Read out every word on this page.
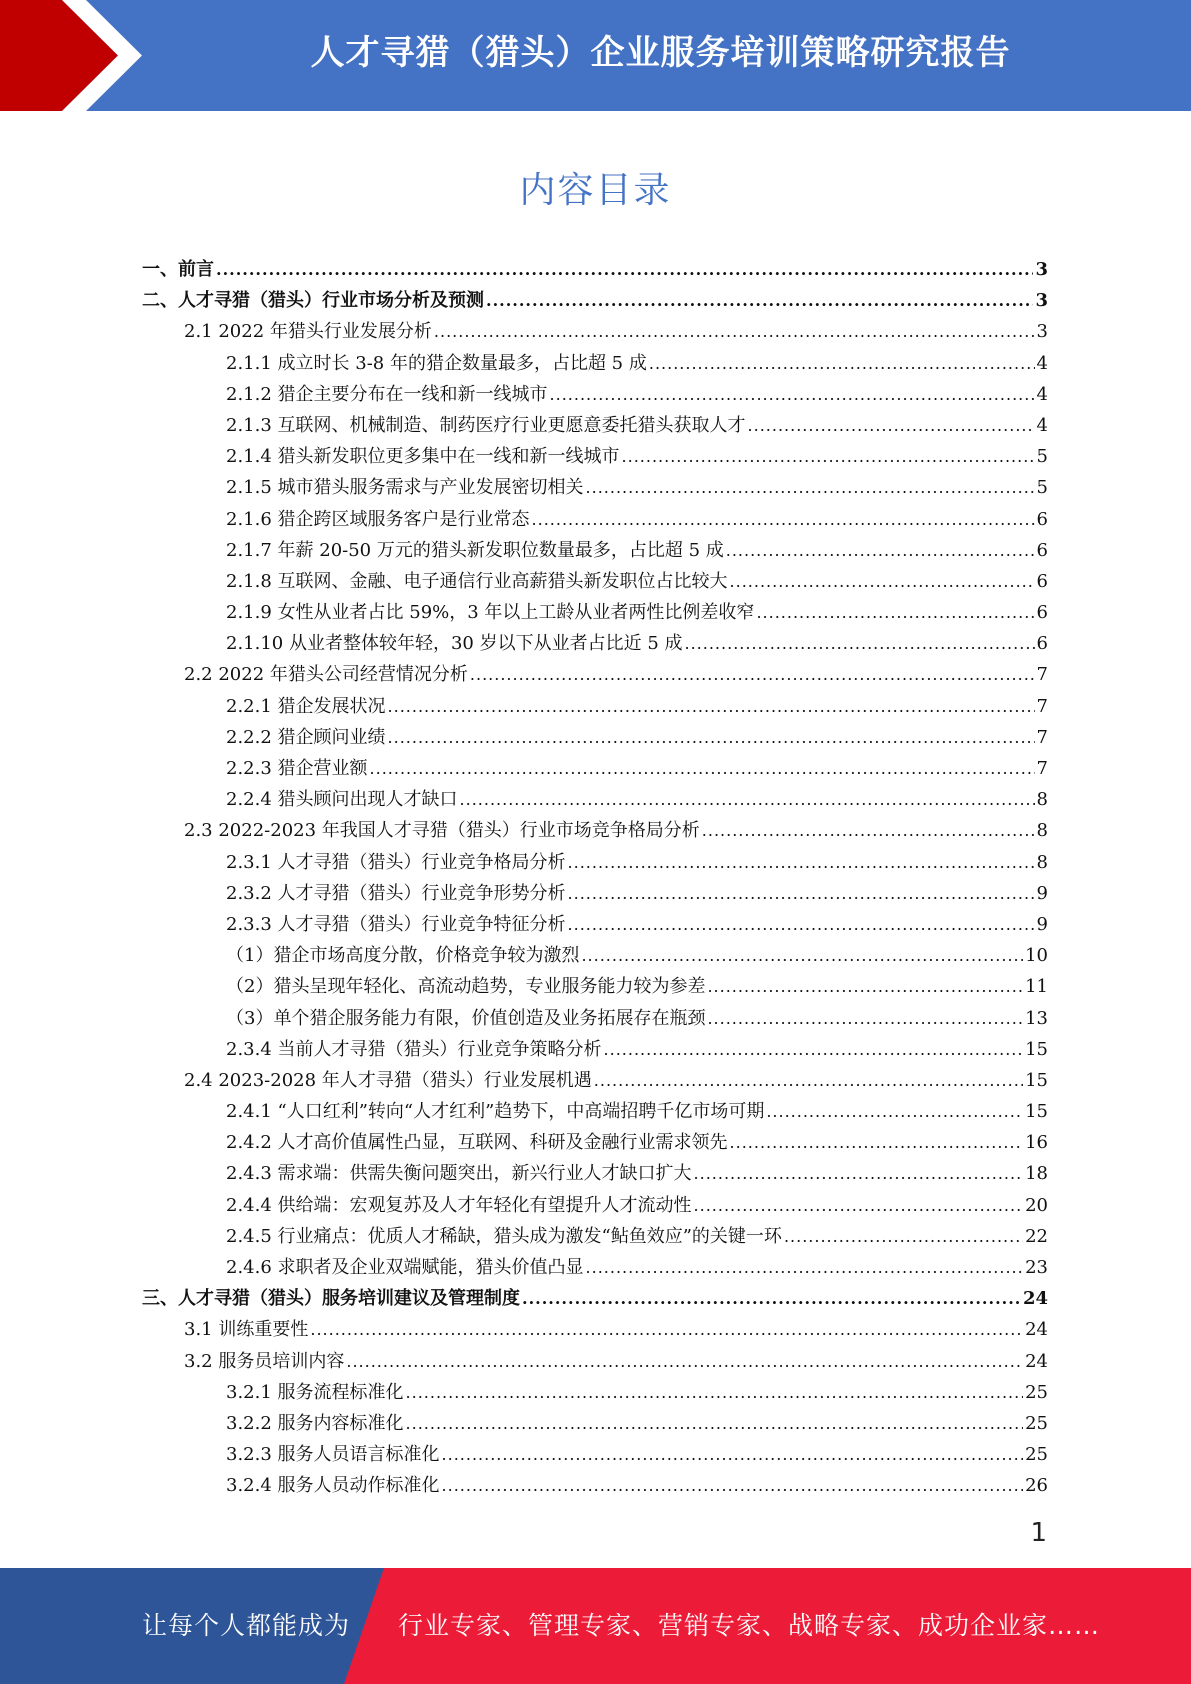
人才寻猎（猎头）企业服务培训策略研究报告
内容目录
一、前言 .....	3
二、人才寻猎（猎头）行业市场分析及预测 .....	3
2.1 2022 年猎头行业发展分析 .....	3
2.1.1 成立时长 3-8 年的猎企数量最多，占比超 5 成 .....	4
2.1.2 猎企主要分布在一线和新一线城市 .....	4
2.1.3 互联网、机械制造、制药医疗行业更愿意委托猎头获取人才 .....	4
2.1.4 猎头新发职位更多集中在一线和新一线城市 .....	5
2.1.5 城市猎头服务需求与产业发展密切相关 .....	5
2.1.6 猎企跨区域服务客户是行业常态 .....	6
2.1.7 年薪 20-50 万元的猎头新发职位数量最多，占比超 5 成 .....	6
2.1.8 互联网、金融、电子通信行业高薪猎头新发职位占比较大 .....	6
2.1.9 女性从业者占比 59%，3 年以上工龄从业者两性比例差收窄 .....	6
2.1.10 从业者整体较年轻，30 岁以下从业者占比近 5 成 .....	6
2.2 2022 年猎头公司经营情况分析 .....	7
2.2.1 猎企发展状况 .....	7
2.2.2 猎企顾问业绩 .....	7
2.2.3 猎企营业额 .....	7
2.2.4 猎头顾问出现人才缺口 .....	8
2.3 2022-2023 年我国人才寻猎（猎头）行业市场竞争格局分析 .....	8
2.3.1 人才寻猎（猎头）行业竞争格局分析 .....	8
2.3.2 人才寻猎（猎头）行业竞争形势分析 .....	9
2.3.3 人才寻猎（猎头）行业竞争特征分析 .....	9
（1）猎企市场高度分散，价格竞争较为激烈 .....	10
（2）猎头呈现年轻化、高流动趋势，专业服务能力较为参差 .....	11
（3）单个猎企服务能力有限，价值创造及业务拓展存在瓶颈 .....	13
2.3.4 当前人才寻猎（猎头）行业竞争策略分析 .....	15
2.4 2023-2028 年人才寻猎（猎头）行业发展机遇 .....	15
2.4.1 “人口红利”转向“人才红利”趋势下，中高端招聘千亿市场可期 .....	15
2.4.2 人才高价值属性凸显，互联网、科研及金融行业需求领先 .....	16
2.4.3 需求端：供需失衡问题突出，新兴行业人才缺口扩大 .....	18
2.4.4 供给端：宏观复苏及人才年轻化有望提升人才流动性 .....	20
2.4.5 行业痛点：优质人才稀缺，猎头成为激发“鲇鱼效应”的关键一环 .....	22
2.4.6 求职者及企业双端赋能，猎头价值凸显 .....	23
三、人才寻猎（猎头）服务培训建议及管理制度 .....	24
3.1 训练重要性 .....	24
3.2 服务员培训内容 .....	24
3.2.1 服务流程标准化 .....	25
3.2.2 服务内容标准化 .....	25
3.2.3 服务人员语言标准化 .....	25
3.2.4 服务人员动作标准化 .....	26
1
让每个人都能成为 行业专家、管理专家、营销专家、战略专家、成功企业家……
